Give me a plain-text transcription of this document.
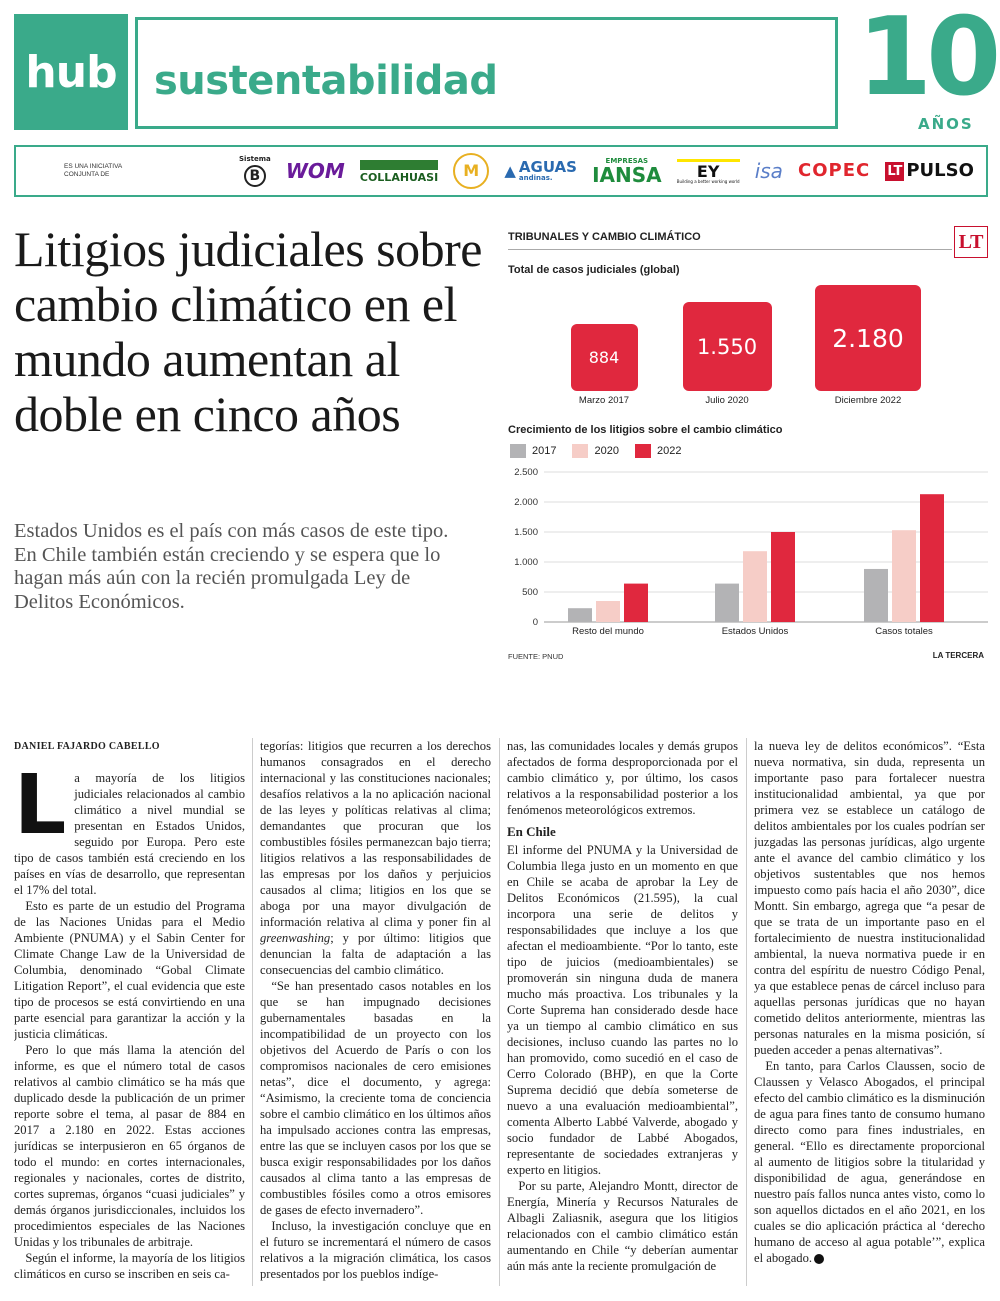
hub sustentabilidad	10
AÑOS
ES UNA INICIATIVA CONJUNTA DE
Sistema
B WOM COLLAHUASI	M	▲ AGUAS
andinas.
EMPRESAS
IANSA EY
Building a better working world isa COPEC LT PULSO
Litigios judiciales sobre cambio climático en el mundo aumentan al doble en cinco años

Estados Unidos es el país con más casos de este tipo. En Chile también están creciendo y se espera que lo hagan más aún con la recién promulgada Ley de Delitos Económicos.

TRIBUNALES Y CAMBIO CLIMÁTICO	LT
Total de casos judiciales (global)
884
Marzo 2017
1.550
Julio 2020
2.180
Diciembre 2022
Crecimiento de los litigios sobre el cambio climático
2017	2020	2022
0
500
1.000
1.500
2.000
2.500
Resto del mundo	Estados Unidos	Casos totales
FUENTE: PNUD	LA TERCERA
DANIEL FAJARDO CABELLO
L a mayoría de los litigios judiciales relacionados al cambio climático a nivel mundial se presentan en Estados Unidos, seguido por Europa. Pero este tipo de casos también está creciendo en los países en vías de desarrollo, que representan el 17% del total.

Esto es parte de un estudio del Programa de las Naciones Unidas para el Medio Ambiente (PNUMA) y el Sabin Center for Climate Change Law de la Universidad de Columbia, denominado “Gobal Climate Litigation Report”, el cual evidencia que este tipo de procesos se está convirtiendo en una parte esencial para garantizar la acción y la justicia climáticas.

Pero lo que más llama la atención del informe, es que el número total de casos relativos al cambio climático se ha más que duplicado desde la publicación de un primer reporte sobre el tema, al pasar de 884 en 2017 a 2.180 en 2022. Estas acciones jurídicas se interpusieron en 65 órganos de todo el mundo: en cortes internacionales, regionales y nacionales, cortes de distrito, cortes supremas, órganos “cuasi judiciales” y demás órganos jurisdiccionales, incluidos los procedimientos especiales de las Naciones Unidas y los tribunales de arbitraje.

Según el informe, la mayoría de los litigios climáticos en curso se inscriben en seis ca-

tegorías: litigios que recurren a los derechos humanos consagrados en el derecho internacional y las constituciones nacionales; desafíos relativos a la no aplicación nacional de las leyes y políticas relativas al clima; demandantes que procuran que los combustibles fósiles permanezcan bajo tierra; litigios relativos a las responsabilidades de las empresas por los daños y perjuicios causados al clima; litigios en los que se aboga por una mayor divulgación de información relativa al clima y poner fin al greenwashing; y por último: litigios que denuncian la falta de adaptación a las consecuencias del cambio climático.

“Se han presentado casos notables en los que se han impugnado decisiones gubernamentales basadas en la incompatibilidad de un proyecto con los objetivos del Acuerdo de París o con los compromisos nacionales de cero emisiones netas”, dice el documento, y agrega: “Asimismo, la creciente toma de conciencia sobre el cambio climático en los últimos años ha impulsado acciones contra las empresas, entre las que se incluyen casos por los que se busca exigir responsabilidades por los daños causados al clima tanto a las empresas de combustibles fósiles como a otros emisores de gases de efecto invernadero”.

Incluso, la investigación concluye que en el futuro se incrementará el número de casos relativos a la migración climática, los casos presentados por los pueblos indíge-

nas, las comunidades locales y demás grupos afectados de forma desproporcionada por el cambio climático y, por último, los casos relativos a la responsabilidad posterior a los fenómenos meteorológicos extremos.

En Chile

El informe del PNUMA y la Universidad de Columbia llega justo en un momento en que en Chile se acaba de aprobar la Ley de Delitos Económicos (21.595), la cual incorpora una serie de delitos y responsabilidades que incluye a los que afectan el medioambiente. “Por lo tanto, este tipo de juicios (medioambientales) se promoverán sin ninguna duda de manera mucho más proactiva. Los tribunales y la Corte Suprema han considerado desde hace ya un tiempo al cambio climático en sus decisiones, incluso cuando las partes no lo han promovido, como sucedió en el caso de Cerro Colorado (BHP), en que la Corte Suprema decidió que debía someterse de nuevo a una evaluación medioambiental”, comenta Alberto Labbé Valverde, abogado y socio fundador de Labbé Abogados, representante de sociedades extranjeras y experto en litigios.

Por su parte, Alejandro Montt, director de Energía, Minería y Recursos Naturales de Albagli Zaliasnik, asegura que los litigios relacionados con el cambio climático están aumentando en Chile “y deberían aumentar aún más ante la reciente promulgación de

la nueva ley de delitos económicos”. “Esta nueva normativa, sin duda, representa un importante paso para fortalecer nuestra institucionalidad ambiental, ya que por primera vez se establece un catálogo de delitos ambientales por los cuales podrían ser juzgadas las personas jurídicas, algo urgente ante el avance del cambio climático y los objetivos sustentables que nos hemos impuesto como país hacia el año 2030”, dice Montt. Sin embargo, agrega que “a pesar de que se trata de un importante paso en el fortalecimiento de nuestra institucionalidad ambiental, la nueva normativa puede ir en contra del espíritu de nuestro Código Penal, ya que establece penas de cárcel incluso para aquellas personas jurídicas que no hayan cometido delitos anteriormente, mientras las personas naturales en la misma posición, sí pueden acceder a penas alternativas”.

En tanto, para Carlos Claussen, socio de Claussen y Velasco Abogados, el principal efecto del cambio climático es la disminución de agua para fines tanto de consumo humano directo como para fines industriales, en general. “Ello es directamente proporcional al aumento de litigios sobre la titularidad y disponibilidad de agua, generándose en nuestro país fallos nunca antes visto, como lo son aquellos dictados en el año 2021, en los cuales se dio aplicación práctica al ‘derecho humano de acceso al agua potable’”, explica el abogado.
